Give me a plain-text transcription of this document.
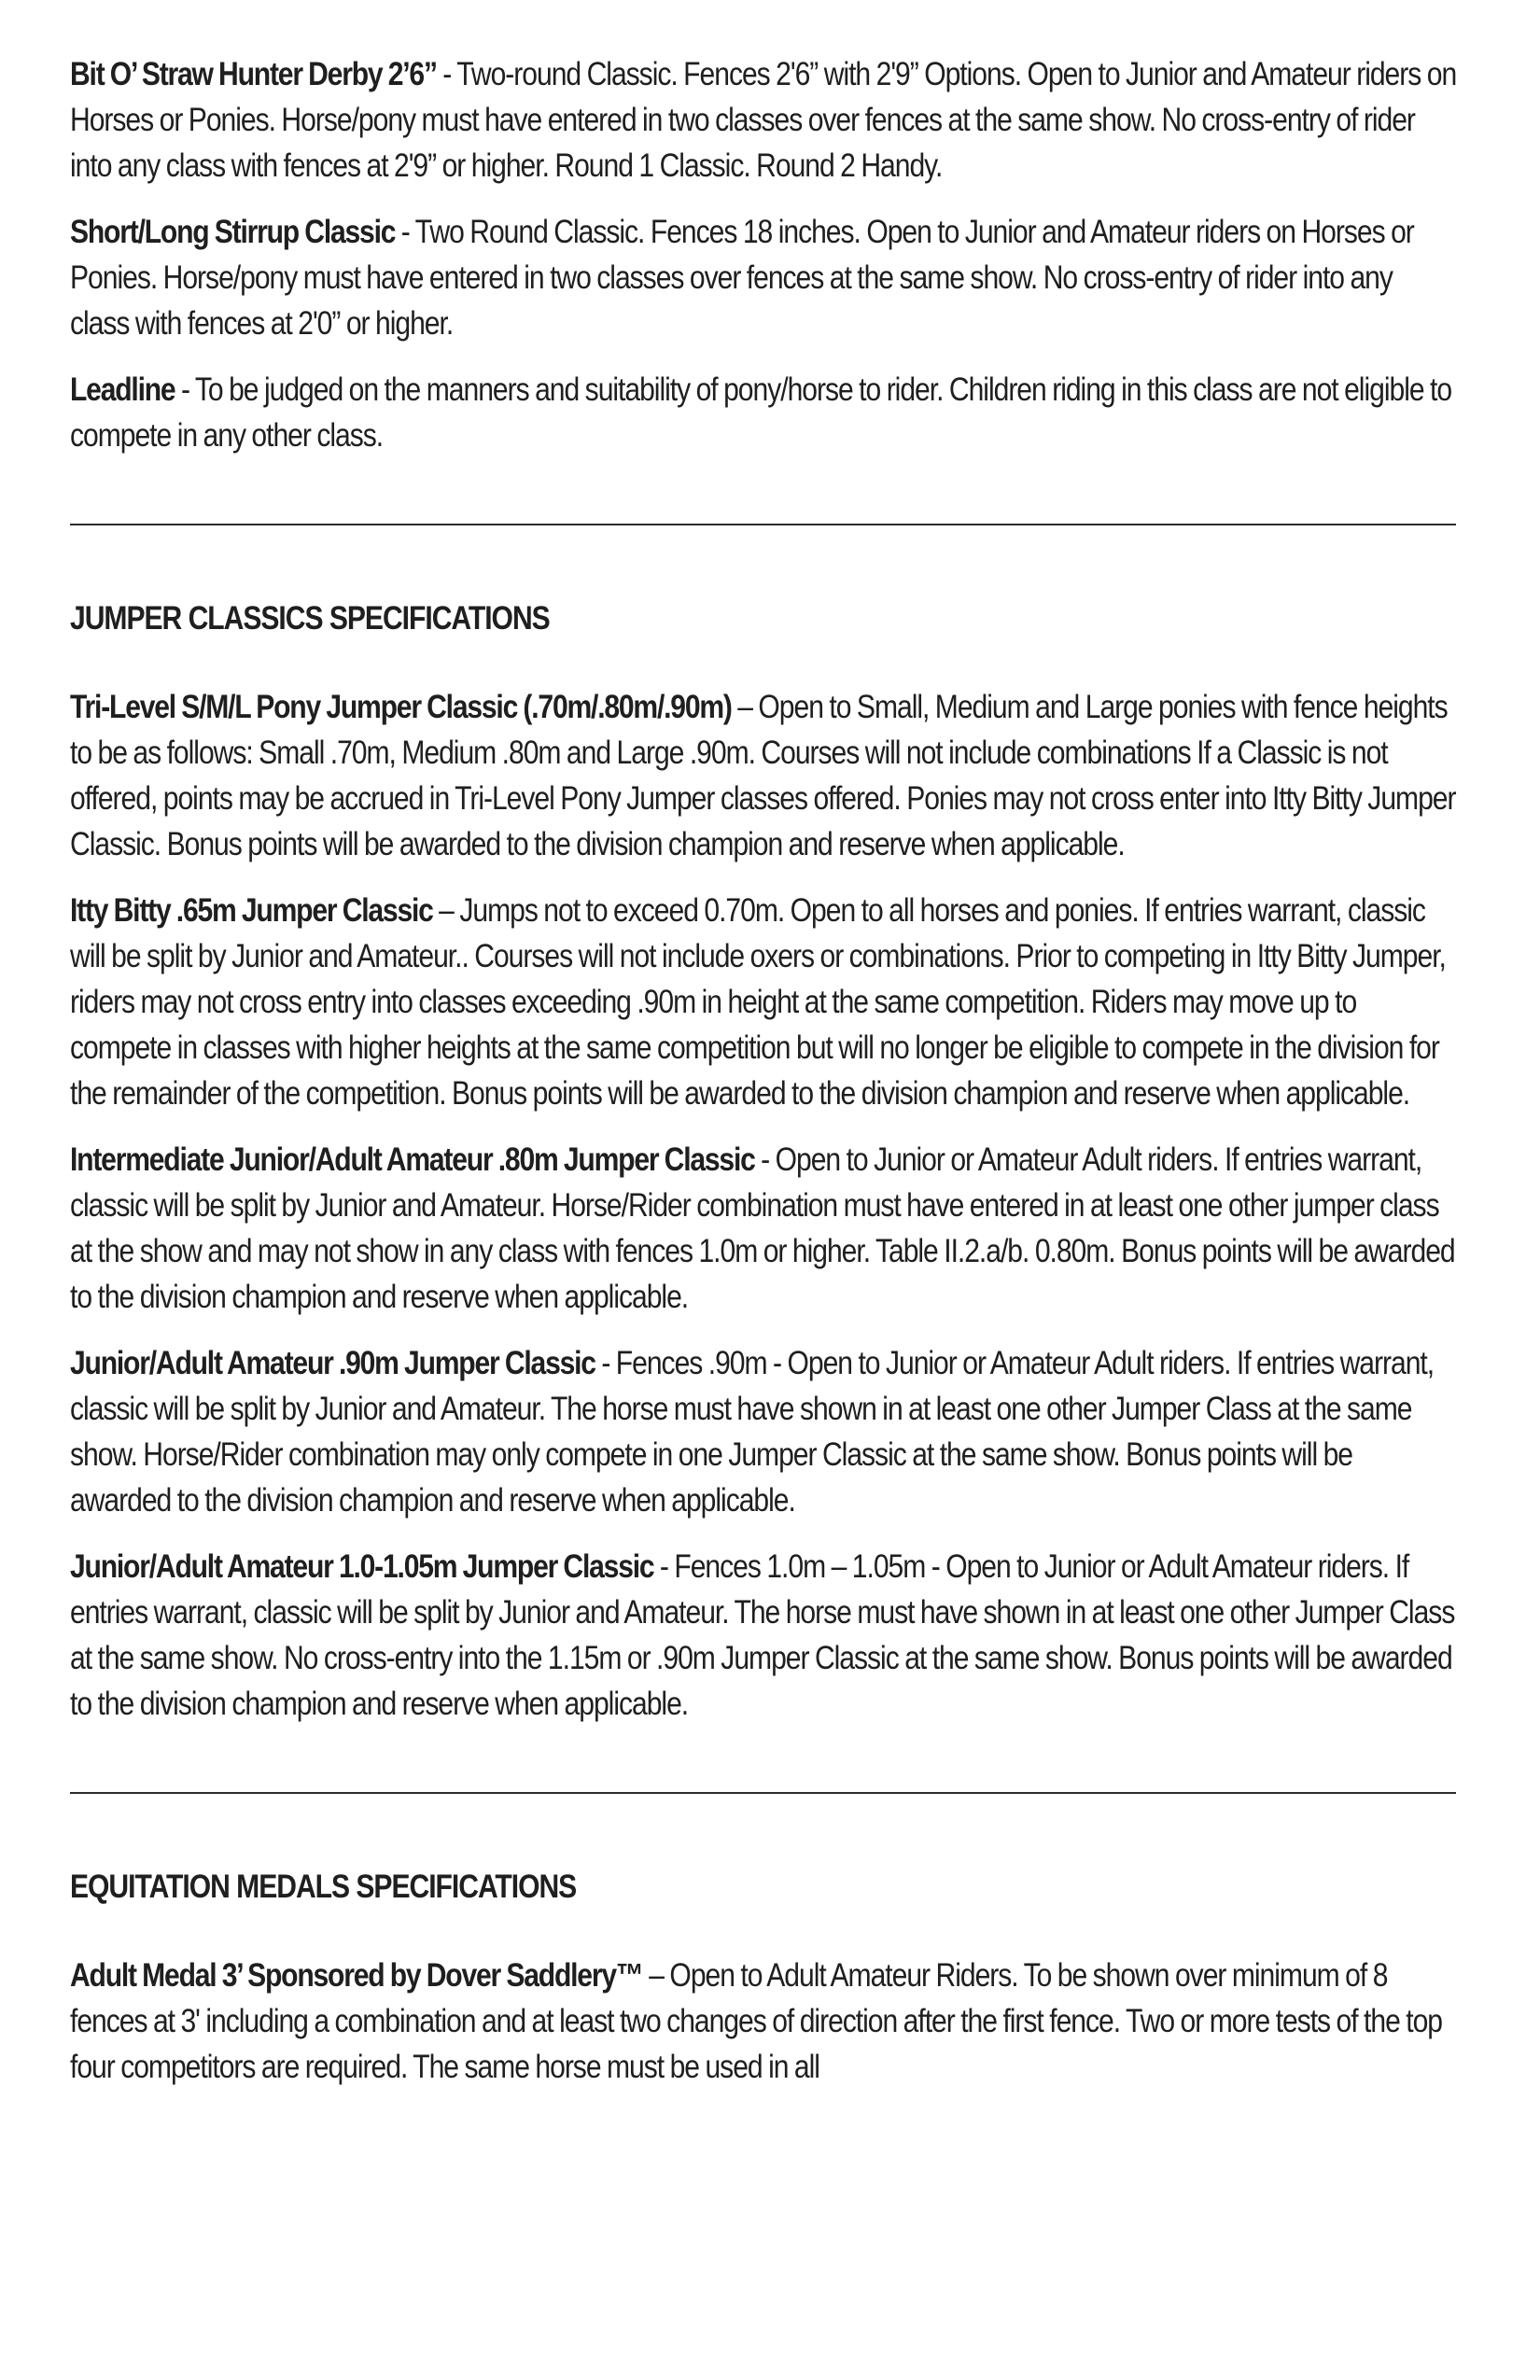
Bit O’ Straw Hunter Derby 2’6” - Two-round Classic. Fences 2'6” with 2'9” Options. Open to Junior and Amateur riders on Horses or Ponies. Horse/pony must have entered in two classes over fences at the same show. No cross-entry of rider into any class with fences at 2'9” or higher. Round 1 Classic. Round 2 Handy.

Short/Long Stirrup Classic - Two Round Classic. Fences 18 inches. Open to Junior and Amateur riders on Horses or Ponies. Horse/pony must have entered in two classes over fences at the same show. No cross-entry of rider into any class with fences at 2'0” or higher.

Leadline - To be judged on the manners and suitability of pony/horse to rider. Children riding in this class are not eligible to compete in any other class.

JUMPER CLASSICS SPECIFICATIONS

Tri-Level S/M/L Pony Jumper Classic (.70m/.80m/.90m) – Open to Small, Medium and Large ponies with fence heights to be as follows: Small .70m, Medium .80m and Large .90m. Courses will not include combinations If a Classic is not offered, points may be accrued in Tri-Level Pony Jumper classes offered. Ponies may not cross enter into Itty Bitty Jumper Classic. Bonus points will be awarded to the division champion and reserve when applicable.

Itty Bitty .65m Jumper Classic – Jumps not to exceed 0.70m. Open to all horses and ponies. If entries warrant, classic will be split by Junior and Amateur.. Courses will not include oxers or combinations. Prior to competing in Itty Bitty Jumper, riders may not cross entry into classes exceeding .90m in height at the same competition. Riders may move up to compete in classes with higher heights at the same competition but will no longer be eligible to compete in the division for the remainder of the competition. Bonus points will be awarded to the division champion and reserve when applicable.

Intermediate Junior/Adult Amateur .80m Jumper Classic - Open to Junior or Amateur Adult riders. If entries warrant, classic will be split by Junior and Amateur. Horse/Rider combination must have entered in at least one other jumper class at the show and may not show in any class with fences 1.0m or higher. Table II.2.a/b. 0.80m. Bonus points will be awarded to the division champion and reserve when applicable.

Junior/Adult Amateur .90m Jumper Classic - Fences .90m - Open to Junior or Amateur Adult riders. If entries warrant, classic will be split by Junior and Amateur. The horse must have shown in at least one other Jumper Class at the same show. Horse/Rider combination may only compete in one Jumper Classic at the same show. Bonus points will be awarded to the division champion and reserve when applicable.

Junior/Adult Amateur 1.0-1.05m Jumper Classic - Fences 1.0m – 1.05m - Open to Junior or Adult Amateur riders. If entries warrant, classic will be split by Junior and Amateur. The horse must have shown in at least one other Jumper Class at the same show. No cross-entry into the 1.15m or .90m Jumper Classic at the same show. Bonus points will be awarded to the division champion and reserve when applicable.

EQUITATION MEDALS SPECIFICATIONS

Adult Medal 3’ Sponsored by Dover Saddlery™ – Open to Adult Amateur Riders. To be shown over minimum of 8 fences at 3' including a combination and at least two changes of direction after the first fence. Two or more tests of the top four competitors are required. The same horse must be used in all
